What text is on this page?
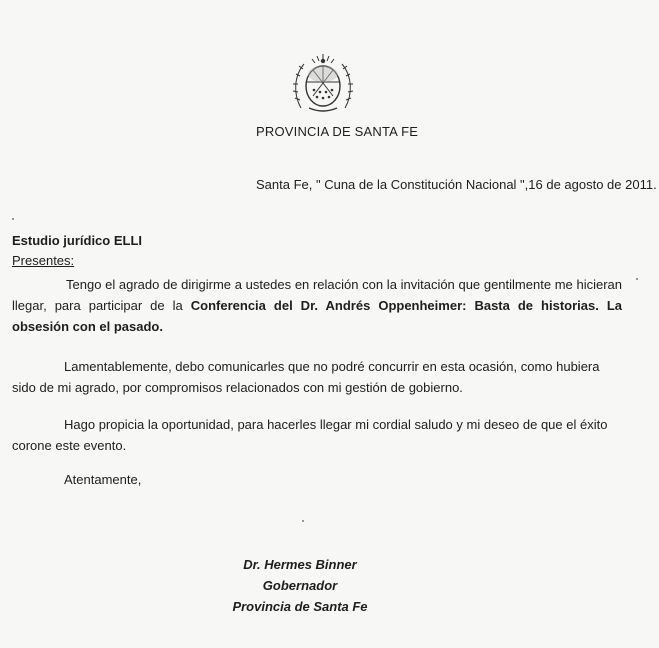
PROVINCIA DE SANTA FE

Santa Fe, " Cuna de la Constitución Nacional ",16 de agosto de 2011.

Estudio jurídico ELLI

Presentes:

Tengo el agrado de dirigirme a ustedes en relación con la invitación que gentilmente me hicieran llegar, para participar de la Conferencia del Dr. Andrés Oppenheimer: Basta de historias. La obsesión con el pasado.

Lamentablemente, debo comunicarles que no podré concurrir en esta ocasión, como hubiera sido de mi agrado, por compromisos relacionados con mi gestión de gobierno.

Hago propicia la oportunidad, para hacerles llegar mi cordial saludo y mi deseo de que el éxito corone este evento.

Atentamente,

Dr. Hermes Binner
Gobernador
Provincia de Santa Fe
